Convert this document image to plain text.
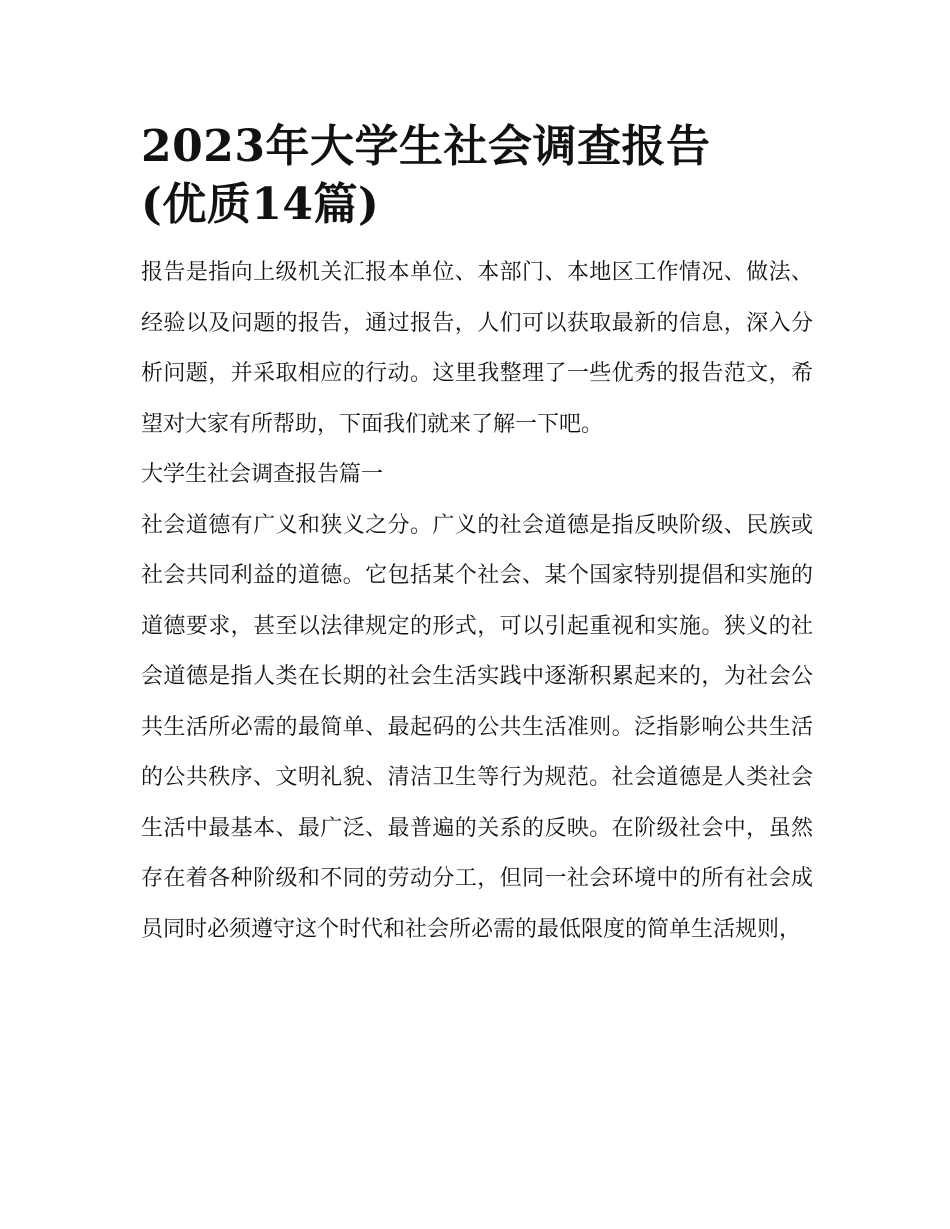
2023年大学生社会调查报告
(优质14篇)

报告是指向上级机关汇报本单位、本部门、本地区工作情况、做法、经验以及问题的报告，通过报告，人们可以获取最新的信息，深入分析问题，并采取相应的行动。这里我整理了一些优秀的报告范文，希望对大家有所帮助，下面我们就来了解一下吧。

大学生社会调查报告篇一

社会道德有广义和狭义之分。广义的社会道德是指反映阶级、民族或社会共同利益的道德。它包括某个社会、某个国家特别提倡和实施的道德要求，甚至以法律规定的形式，可以引起重视和实施。狭义的社会道德是指人类在长期的社会生活实践中逐渐积累起来的，为社会公共生活所必需的最简单、最起码的公共生活准则。泛指影响公共生活的公共秩序、文明礼貌、清洁卫生等行为规范。社会道德是人类社会生活中最基本、最广泛、最普遍的关系的反映。在阶级社会中，虽然存在着各种阶级和不同的劳动分工，但同一社会环境中的所有社会成员同时必须遵守这个时代和社会所必需的最低限度的简单生活规则，
